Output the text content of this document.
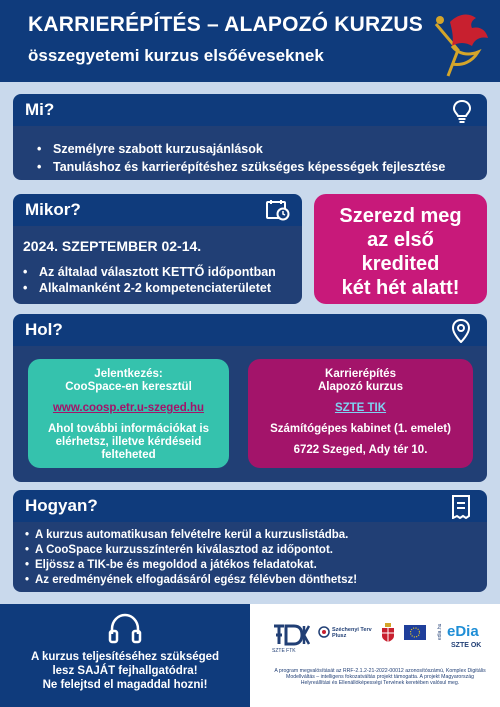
KARRIERÉPÍTÉS – ALAPOZÓ KURZUS
összegyetemi kurzus elsőéveseknek
Mi?
• Személyre szabott kurzusajánlások
• Tanuláshoz és karrierépítéshez szükséges képességek fejlesztése
Mikor?
2024. SZEPTEMBER 02-14.
• Az általad választott KETTŐ időpontban
• Alkalmanként 2-2 kompetenciaterületet
Szerezd meg
az első
kredited
két hét alatt!
Hol?
Jelentkezés:
CooSpace-en keresztül
www.coosp.etr.u-szeged.hu
Ahol további információkat is
elérhetsz, illetve kérdéseid
felteheted
Karrierépítés
Alapozó kurzus
SZTE TIK
Számítógépes kabinet (1. emelet)
6722 Szeged, Ady tér 10.
Hogyan?
• A kurzus automatikusan felvételre kerül a kurzuslistádba.
• A CooSpace kurzusszínterén kiválasztod az időpontot.
• Eljössz a TIK-be és megoldod a játékos feladatokat.
• Az eredményének elfogadásáról egész félévben dönthetsz!
A kurzus teljesítéséhez szükséged
lesz SAJÁT fejhallgatódra!
Ne felejtsd el magaddal hozni!
SZTE FTK
Széchenyi Terv Plusz	edia.hu eDia
SZTE OK
A program megvalósítását az RRF-2.1.2-21-2022-00012 azonosítószámú, Komplex Digitális Modellváltás – intelligens fokozatváltás projekt támogatta. A projekt Magyarország Helyreállítási és Ellenállóképességi Tervének keretében valósul meg.
